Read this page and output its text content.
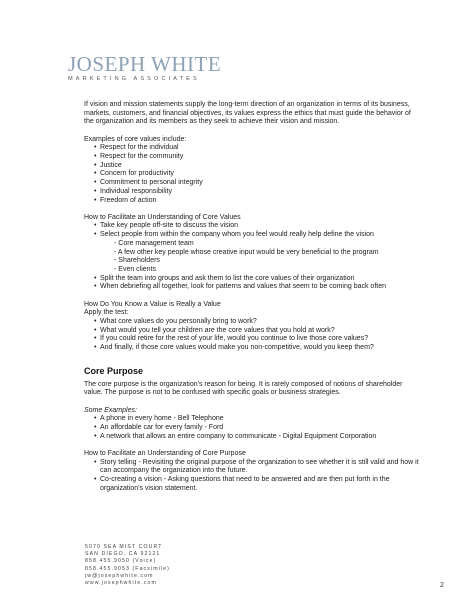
JOSEPH WHITE
MARKETING ASSOCIATES

If vision and mission statements supply the long-term direction of an organization in terms of its business, markets, customers, and financial objectives, its values express the ethics that must guide the behavior of the organization and its members as they seek to achieve their vision and mission.

Examples of core values include:

• Respect for the individual
• Respect for the community
• Justice
• Concern for productivity
• Commitment to personal integrity
• Individual responsibility
• Freedom of action

How to Facilitate an Understanding of Core Values

• Take key people off-site to discuss the vision
• Select people from within the company whom you feel would really help define the vision
- Core management team
- A few other key people whose creative input would be very beneficial to the program
- Shareholders
- Even clients
• Split the team into groups and ask them to list the core values of their organization
• When debriefing all together, look for patterns and values that seem to be coming back often

How Do You Know a Value is Really a Value

Apply the test:

• What core values do you personally bring to work?
• What would you tell your children are the core values that you hold at work?
• If you could retire for the rest of your life, would you continue to live those core values?
• And finally, if those core values would make you non-competitive, would you keep them?

Core Purpose

The core purpose is the organization's reason for being. It is rarely composed of notions of shareholder value. The purpose is not to be confused with specific goals or business strategies.

Some Examples:

• A phone in every home - Bell Telephone
• An affordable car for every family - Ford
• A network that allows an entire company to communicate - Digital Equipment Corporation

How to Facilitate an Understanding of Core Purpose

• Story telling - Revisiting the original purpose of the organization to see whether it is still valid and how it can accompany the organization into the future.
• Co-creating a vision - Asking questions that need to be answered and are then put forth in the organization's vision statement.
5070 SEA MIST COURT
SAN DIEGO, CA 92121
858.455.9050 (Voice)
858.455.9053 (Facsimile)
jw@josephwhite.com
www.josephwhite.com	2
